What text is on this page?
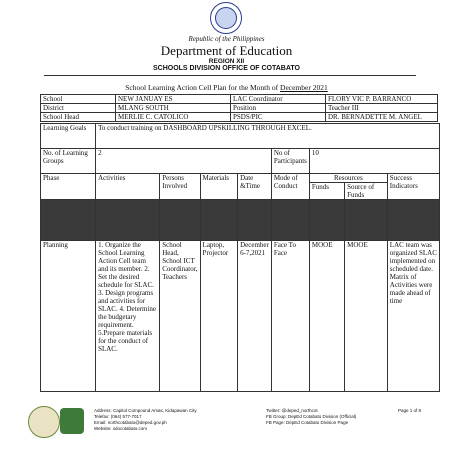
Republic of the Philippines
Department of Education
REGION XII
SCHOOLS DIVISION OFFICE OF COTABATO
School Learning Action Cell Plan for the Month of December 2021
School	NEW JANUAY ES	LAC Coordinator	FLORY VIC P. BARRANCO
District	MLANG SOUTH	Position	Teacher III
School Head	MERLIE C. CATOLICO	PSDS/PIC	DR. BERNADETTE M. ANGEL
Learning Goals	To conduct training on DASHBOARD UPSKILLING THROUGH EXCEL.							
No. of Learning Groups	2				No of Participants	10		
Phase	Activities	Persons Involved	Materials	Date &Time	Mode of Conduct	Resources		Success Indicators
						Funds	Source of Funds	

Planning	1. Organize the School Learning Action Cell team and its member. 2. Set the desired schedule for SLAC. 3. Design programs and activities for SLAC. 4. Determine the budgetary requirement. 5.Prepare materials for the conduct of SLAC.	School Head, School ICT Coordinator, Teachers	Laptop, Projector	December 6-7,2021	Face To Face	MOOE	MOOE	LAC team was organized SLAC implemented on scheduled date. Matrix of Activities were made ahead of time
Address: Capitol Compound Amas, Kidapawan City
Telefax: (064) 577-7017
Email: northcotabato@deped.gov.ph
Website: sdocotabato.com
Twitter: @deped_northcot
FB Group: DepEd Cotabato Division (Official)
FB Page: DepEd Cotabato Division Page
Page 1 of 8
